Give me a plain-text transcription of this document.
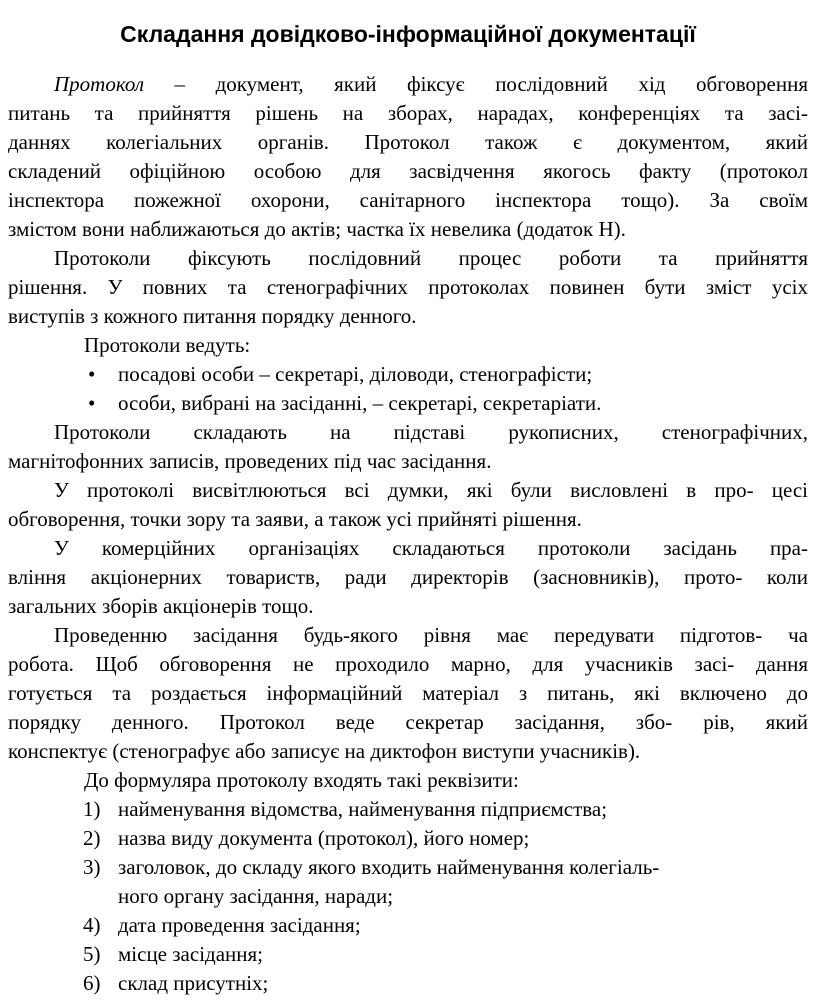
Складання довідково-інформаційної документації
Протокол – документ, який фіксує послідовний хід обговорення
питань та прийняття рішень на зборах, нарадах, конференціях та засі-
даннях колегіальних органів. Протокол також є документом, який
складений офіційною особою для засвідчення якогось факту (протокол
інспектора пожежної охорони, санітарного інспектора тощо). За своїм
змістом вони наближаються до актів; частка їх невелика (додаток Н).
Протоколи фіксують послідовний процес роботи та прийняття
рішення. У повних та стенографічних протоколах повинен бути зміст усіх
виступів з кожного питання порядку денного.
Протоколи ведуть:
• посадові особи – секретарі, діловоди, стенографісти;
• особи, вибрані на засіданні, – секретарі, секретаріати.
Протоколи складають на підставі рукописних, стенографічних,
магнітофонних записів, проведених під час засідання.
У протоколі висвітлюються всі думки, які були висловлені в про- цесі
обговорення, точки зору та заяви, а також усі прийняті рішення.
У комерційних організаціях складаються протоколи засідань пра-
вління акціонерних товариств, ради директорів (засновників), прото- коли
загальних зборів акціонерів тощо.
Проведенню засідання будь-якого рівня має передувати підготов- ча
робота. Щоб обговорення не проходило марно, для учасників засі- дання
готується та роздається інформаційний матеріал з питань, які включено до
порядку денного. Протокол веде секретар засідання, збо- рів, який
конспектує (стенографує або записує на диктофон виступи учасників).
До формуляра протоколу входять такі реквізити:
1) найменування відомства, найменування підприємства;
2) назва виду документа (протокол), його номер;
3) заголовок, до складу якого входить найменування колегіаль-
ного органу засідання, наради;
4) дата проведення засідання;
5) місце засідання;
6) склад присутніх;
